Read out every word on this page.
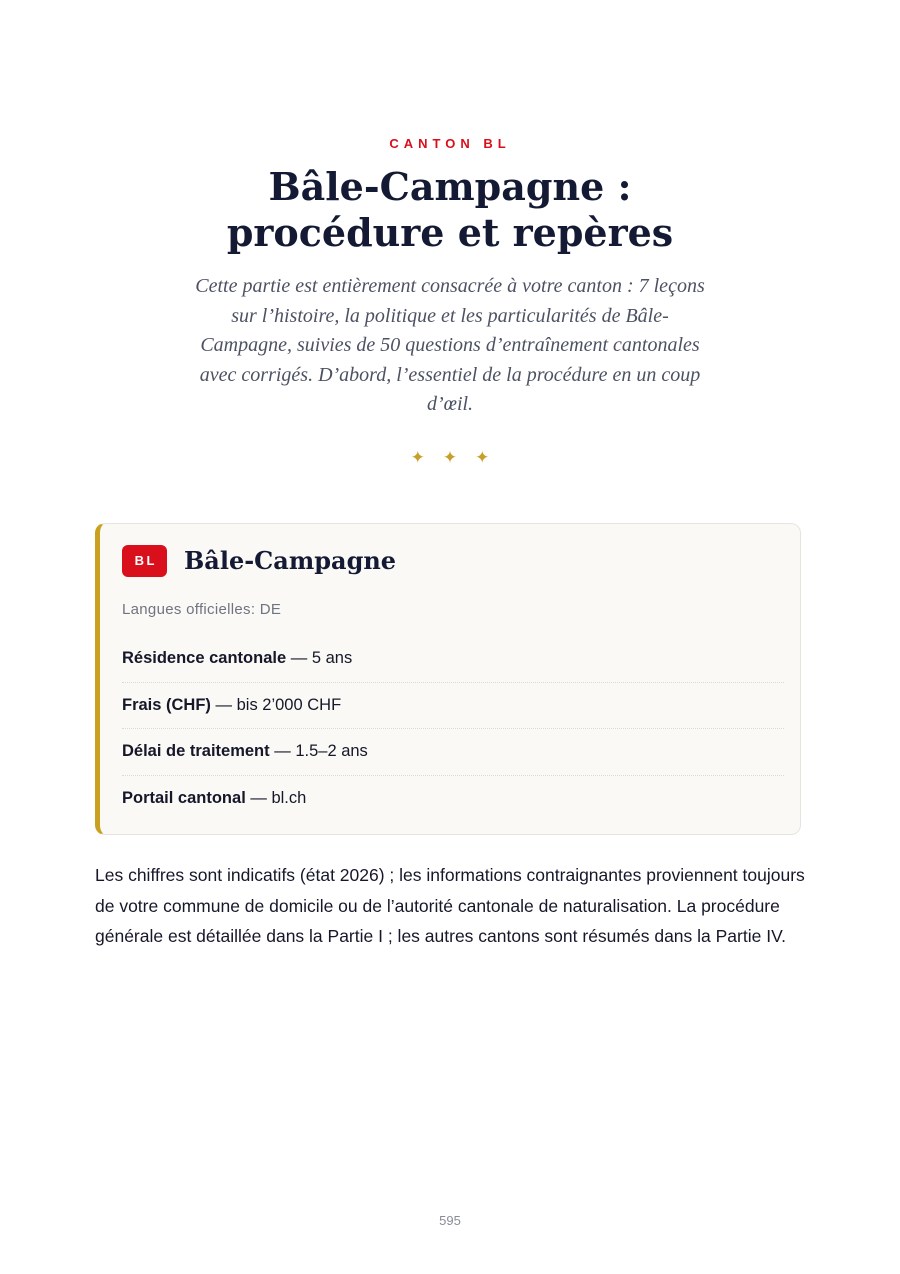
CANTON BL
Bâle-Campagne :
procédure et repères

Cette partie est entièrement consacrée à votre canton : 7 leçons sur l’histoire, la politique et les particularités de Bâle-Campagne, suivies de 50 questions d’entraînement cantonales avec corrigés. D’abord, l’essentiel de la procédure en un coup d’œil.

✦✦✦
BL	Bâle-Campagne
Langues officielles: DE
Résidence cantonale — 5 ans
Frais (CHF) — bis 2’000 CHF
Délai de traitement — 1.5–2 ans
Portail cantonal — bl.ch

Les chiffres sont indicatifs (état 2026) ; les informations contraignantes proviennent toujours de votre commune de domicile ou de l’autorité cantonale de naturalisation. La procédure générale est détaillée dans la Partie I ; les autres cantons sont résumés dans la Partie IV.

595
